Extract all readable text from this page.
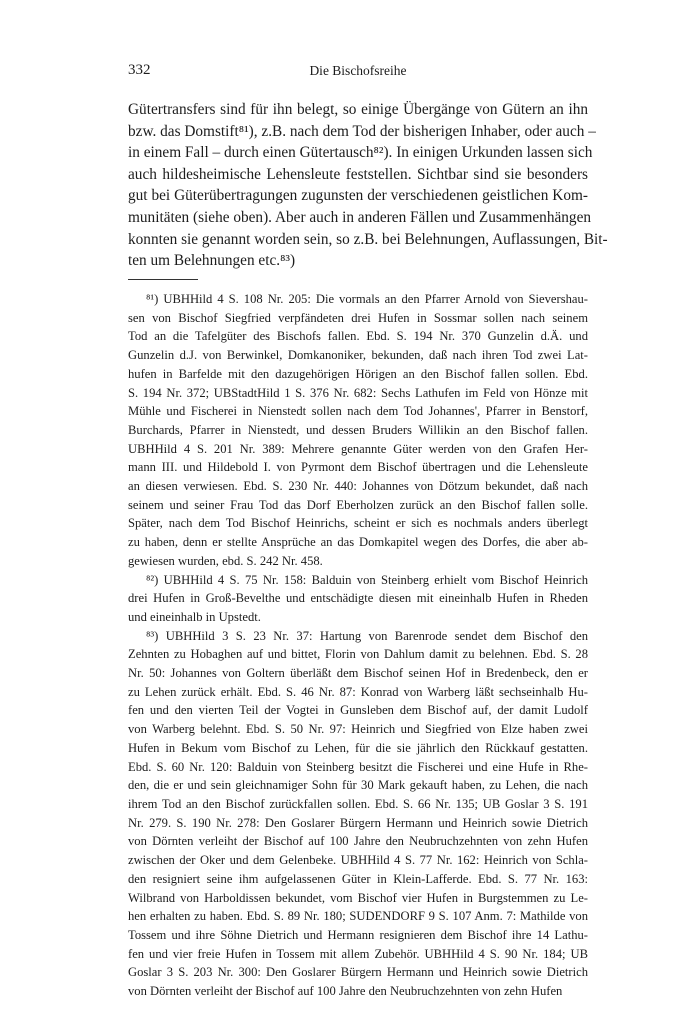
332	Die Bischofsreihe
Gütertransfers sind für ihn belegt, so einige Übergänge von Gütern an ihn
bzw. das Domstift⁸¹), z.B. nach dem Tod der bisherigen Inhaber, oder auch –
in einem Fall – durch einen Gütertausch⁸²). In einigen Urkunden lassen sich
auch hildesheimische Lehensleute feststellen. Sichtbar sind sie besonders
gut bei Güterübertragungen zugunsten der verschiedenen geistlichen Kom-
munitäten (siehe oben). Aber auch in anderen Fällen und Zusammenhängen
konnten sie genannt worden sein, so z.B. bei Belehnungen, Auflassungen, Bit-
ten um Belehnungen etc.⁸³)
⁸¹) UBHHild 4 S. 108 Nr. 205: Die vormals an den Pfarrer Arnold von Sievershau-
sen von Bischof Siegfried verpfändeten drei Hufen in Sossmar sollen nach seinem
Tod an die Tafelgüter des Bischofs fallen. Ebd. S. 194 Nr. 370 Gunzelin d.Ä. und
Gunzelin d.J. von Berwinkel, Domkanoniker, bekunden, daß nach ihren Tod zwei Lat-
hufen in Barfelde mit den dazugehörigen Hörigen an den Bischof fallen sollen. Ebd.
S. 194 Nr. 372; UBStadtHild 1 S. 376 Nr. 682: Sechs Lathufen im Feld von Hönze mit
Mühle und Fischerei in Nienstedt sollen nach dem Tod Johannes', Pfarrer in Benstorf,
Burchards, Pfarrer in Nienstedt, und dessen Bruders Willikin an den Bischof fallen.
UBHHild 4 S. 201 Nr. 389: Mehrere genannte Güter werden von den Grafen Her-
mann III. und Hildebold I. von Pyrmont dem Bischof übertragen und die Lehensleute
an diesen verwiesen. Ebd. S. 230 Nr. 440: Johannes von Dötzum bekundet, daß nach
seinem und seiner Frau Tod das Dorf Eberholzen zurück an den Bischof fallen solle.
Später, nach dem Tod Bischof Heinrichs, scheint er sich es nochmals anders überlegt
zu haben, denn er stellte Ansprüche an das Domkapitel wegen des Dorfes, die aber ab-
gewiesen wurden, ebd. S. 242 Nr. 458.
⁸²) UBHHild 4 S. 75 Nr. 158: Balduin von Steinberg erhielt vom Bischof Heinrich
drei Hufen in Groß-Bevelthe und entschädigte diesen mit eineinhalb Hufen in Rheden
und eineinhalb in Upstedt.
⁸³) UBHHild 3 S. 23 Nr. 37: Hartung von Barenrode sendet dem Bischof den
Zehnten zu Hobaghen auf und bittet, Florin von Dahlum damit zu belehnen. Ebd. S. 28
Nr. 50: Johannes von Goltern überläßt dem Bischof seinen Hof in Bredenbeck, den er
zu Lehen zurück erhält. Ebd. S. 46 Nr. 87: Konrad von Warberg läßt sechseinhalb Hu-
fen und den vierten Teil der Vogtei in Gunsleben dem Bischof auf, der damit Ludolf
von Warberg belehnt. Ebd. S. 50 Nr. 97: Heinrich und Siegfried von Elze haben zwei
Hufen in Bekum vom Bischof zu Lehen, für die sie jährlich den Rückkauf gestatten.
Ebd. S. 60 Nr. 120: Balduin von Steinberg besitzt die Fischerei und eine Hufe in Rhe-
den, die er und sein gleichnamiger Sohn für 30 Mark gekauft haben, zu Lehen, die nach
ihrem Tod an den Bischof zurückfallen sollen. Ebd. S. 66 Nr. 135; UB Goslar 3 S. 191
Nr. 279. S. 190 Nr. 278: Den Goslarer Bürgern Hermann und Heinrich sowie Dietrich
von Dörnten verleiht der Bischof auf 100 Jahre den Neubruchzehnten von zehn Hufen
zwischen der Oker und dem Gelenbeke. UBHHild 4 S. 77 Nr. 162: Heinrich von Schla-
den resigniert seine ihm aufgelassenen Güter in Klein-Lafferde. Ebd. S. 77 Nr. 163:
Wilbrand von Harboldissen bekundet, vom Bischof vier Hufen in Burgstemmen zu Le-
hen erhalten zu haben. Ebd. S. 89 Nr. 180; SUDENDORF 9 S. 107 Anm. 7: Mathilde von
Tossem und ihre Söhne Dietrich und Hermann resignieren dem Bischof ihre 14 Lathu-
fen und vier freie Hufen in Tossem mit allem Zubehör. UBHHild 4 S. 90 Nr. 184; UB
Goslar 3 S. 203 Nr. 300: Den Goslarer Bürgern Hermann und Heinrich sowie Dietrich
von Dörnten verleiht der Bischof auf 100 Jahre den Neubruchzehnten von zehn Hufen
